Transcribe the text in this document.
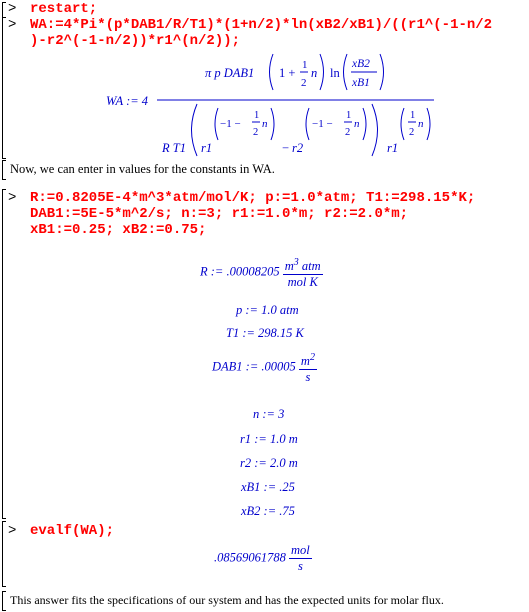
> restart;
> WA:=4*Pi*(p*DAB1/R/T1)*(1+n/2)*ln(xB2/xB1)/((r1^(-1-n/2
)-r2^(-1-n/2))*r1^(n/2));
WA := 4
π p DAB1 1 +
1
2
n ln
xB2
xB1
R T1 r1
−1 −
1
2
n
− r2
−1 −
1
2
n
r1
1
2
n
Now, we can enter in values for the constants in WA.
> R:=0.8205E-4*m^3*atm/mol/K; p:=1.0*atm; T1:=298.15*K;
DAB1:=5E-5*m^2/s; n:=3; r1:=1.0*m; r2:=2.0*m;
xB1:=0.25; xB2:=0.75;
R := $.00008205 \frac{m^3 atm}{\text{mol K}}$
p := 1.0 atm
T1 := 298.15 K
DAB1 := $.00005 \frac{m^2}{s}$
n := 3
r1 := 1.0 m
r2 := 2.0 m
xB1 := .25
xB2 := .75
> evalf(WA);
$.08569061788 \frac{\text{mol}}{s}$
This answer fits the specifications of our system and has the expected units for molar flux.
